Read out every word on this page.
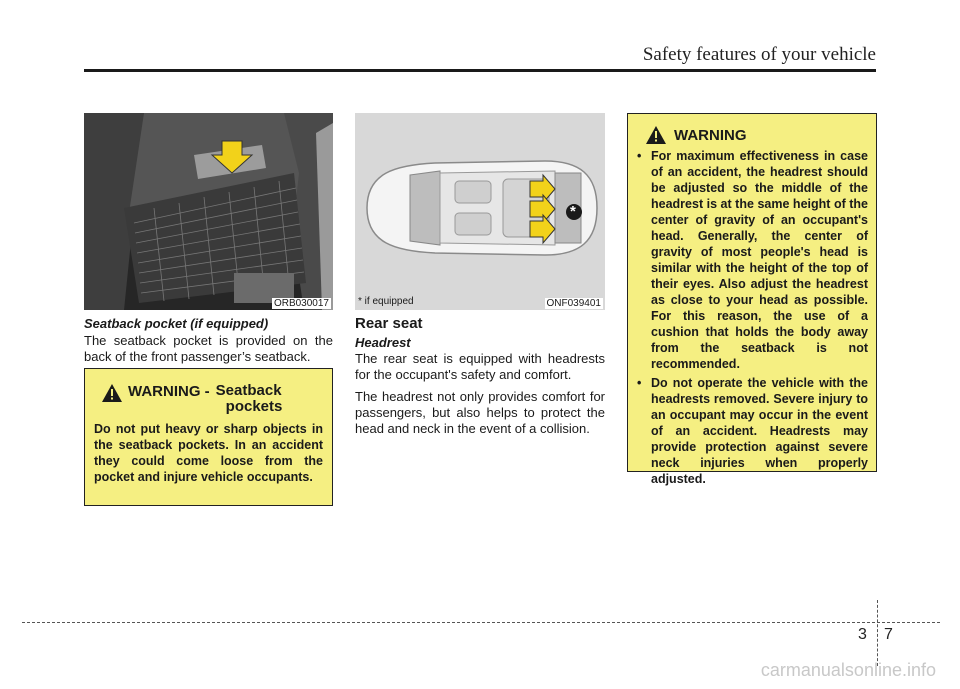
Safety features of your vehicle
ORB030017
Seatback pocket (if equipped)
The seatback pocket is provided on the back of the front passenger’s seatback.
WARNING - Seatback
pockets
Do not put heavy or sharp objects in the seatback pockets. In an accident they could come loose from the pocket and injure vehicle occupants.
*
* if equipped	ONF039401
Rear seat
Headrest
The rear seat is equipped with headrests for the occupant's safety and comfort.
The headrest not only provides comfort for passengers, but also helps to protect the head and neck in the event of a collision.
WARNING
• For maximum effectiveness in case of an accident, the headrest should be adjusted so the middle of the headrest is at the same height of the center of gravity of an occupant's head. Generally, the center of gravity of most people's head is similar with the height of the top of their eyes. Also adjust the headrest as close to your head as possible. For this reason, the use of a cushion that holds the body away from the seatback is not recommended.
• Do not operate the vehicle with the headrests removed. Severe injury to an occupant may occur in the event of an accident. Headrests may provide protection against severe neck injuries when properly adjusted.
3 7
carmanualsonline.info
